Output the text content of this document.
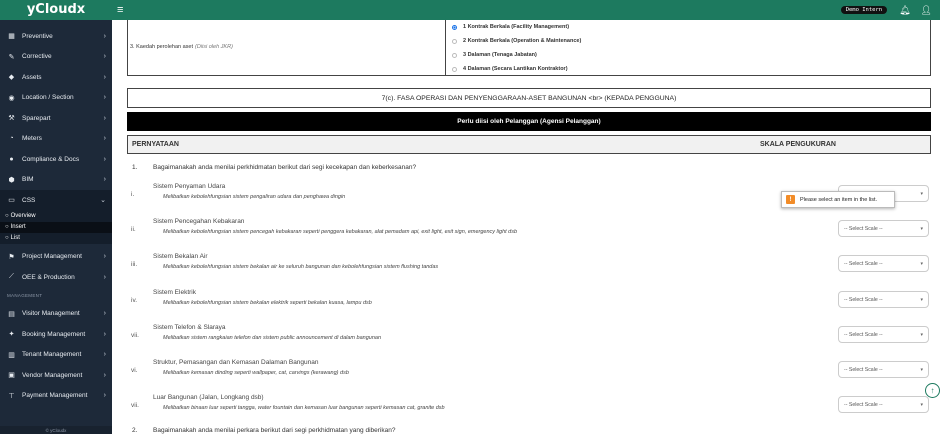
yCloudx
▦ Preventive	›
✎ Corrective	›
◆ Assets	›
◉ Location / Section	›
⚒ Sparepart	›
◔	Meters	›
●	Compliance & Docs	›
⬢ BIM	›
▭ CSS	⌄
○ Overview
○ Insert
○ List
⚑ Project Management	›
⟋	OEE & Production	›
MANAGEMENT
▤ Visitor Management	›
✦ Booking Management	›
▥ Tenant Management	›
▣ Vendor Management	›
⊤ Payment Management	›
© yCloudx
≡	Demo Intern	🔔︎ 👤︎
3. Kaedah perolehan aset (Diisi oleh JKR)
1 Kontrak Berkala (Facility Management)
2 Kontrak Berkala (Operation & Maintenance)
3 Dalaman (Tenaga Jabatan)
4 Dalaman (Secara Lantikan Kontraktor)
7(c). FASA OPERASI DAN PENYENGGARAAN-ASET BANGUNAN <br> (KEPADA PENGGUNA)
Perlu diisi oleh Pelanggan (Agensi Pelanggan)
PERNYATAAN	SKALA PENGUKURAN
1.	Bagaimanakah anda menilai perkhidmatan berikut dari segi kecekapan dan keberkesanan?
i.
Sistem Penyaman Udara
Melibatkan kebolehfungsian sistem pengaliran udara dan penghawa dingin
▾
ii.
Sistem Pencegahan Kebakaran
Melibatkan kebolehfungsian sistem pencegah kebakaran seperti penggera kebakaran, alat pemadam api, exit light, exit sign, emergency light dsb
-- Select Scale --	▾
iii.
Sistem Bekalan Air
Melibatkan kebolehfungsian sistem bekalan air ke seluruh bangunan dan kebolehfungsian sistem flushing tandas
-- Select Scale --	▾
iv.
Sistem Elektrik
Melibatkan kebolehfungsian sistem bekalan elektrik seperti bekalan kuasa, lampu dsb
-- Select Scale --	▾
vii.
Sistem Telefon & Slaraya
Melibatkan sistem rangkaian telefon dan sistem public announcement di dalam bangunan
-- Select Scale --	▾
vi.
Struktur, Pemasangan dan Kemasan Dalaman Bangunan
Melibatkan kemasan dinding seperti wallpaper, cat, carvings (kerawang) dsb
-- Select Scale --	▾
vii.
Luar Bangunan (Jalan, Longkang dsb)
Melibatkan binaan luar seperti tangga, water fountain dan kemasan luar bangunan seperti kemasan cat, granite dsb
-- Select Scale --	▾
2.	Bagaimanakah anda menilai perkara berikut dari segi perkhidmatan yang diberikan?
!	Please select an item in the list.
↑
